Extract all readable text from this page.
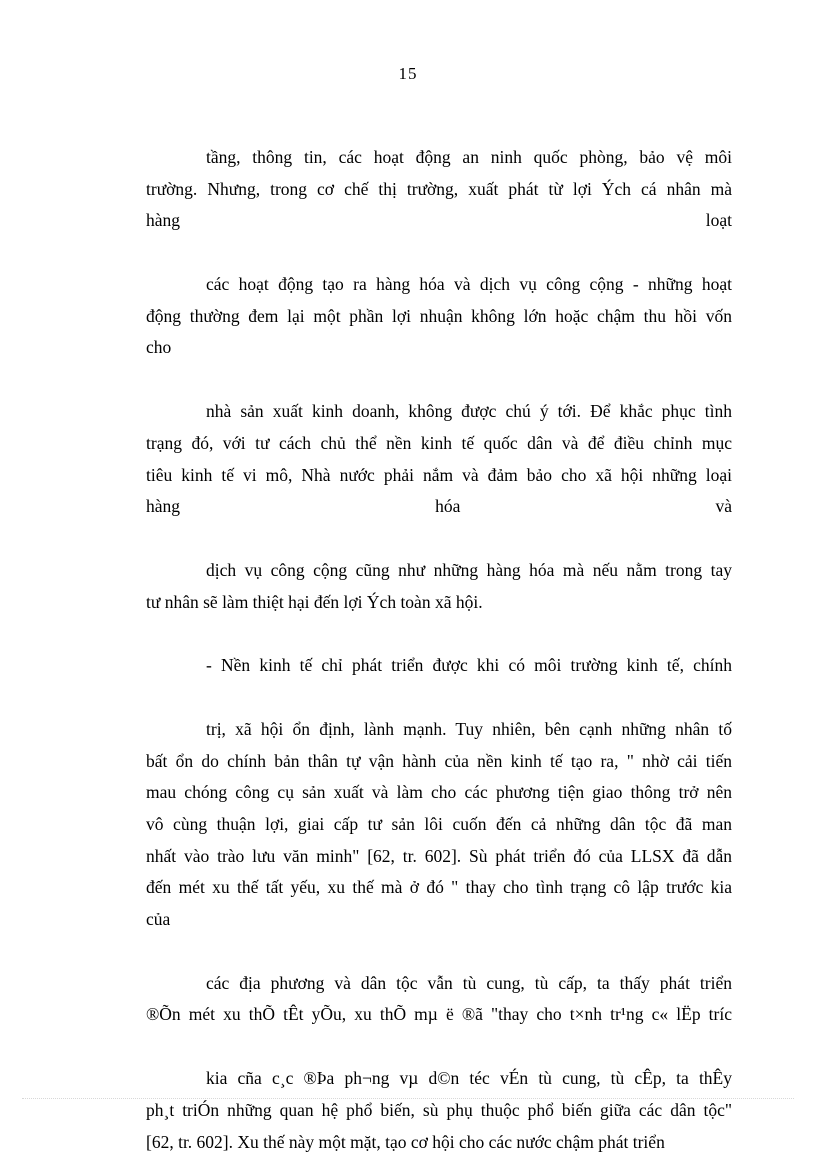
15
tầng, thông tin, các hoạt động an ninh quốc phòng, bảo vệ môi
trường. Nhưng, trong cơ chế thị trường, xuất phát từ lợi Ých cá nhân mà
hàng loạt
các hoạt động tạo ra hàng hóa và dịch vụ công cộng - những hoạt
động thường đem lại một phần lợi nhuận không lớn hoặc chậm thu hồi vốn
cho
nhà sản xuất kinh doanh, không được chú ý tới. Để khắc phục tình
trạng đó, với tư cách chủ thể nền kinh tế quốc dân và để điều chỉnh mục
tiêu kinh tế vi mô, Nhà nước phải nắm và đảm bảo cho xã hội những loại
hàng hóa và
dịch vụ công cộng cũng như những hàng hóa mà nếu nằm trong tay
tư nhân sẽ làm thiệt hại đến lợi Ých toàn xã hội.
- Nền kinh tế chỉ phát triển được khi có môi trường kinh tế, chính
trị, xã hội ổn định, lành mạnh. Tuy nhiên, bên cạnh những nhân tố
bất ổn do chính bản thân tự vận hành của nền kinh tế tạo ra, " nhờ cải tiến
mau chóng công cụ sản xuất và làm cho các phương tiện giao thông trở nên
vô cùng thuận lợi, giai cấp tư sản lôi cuốn đến cả những dân tộc đã man
nhất vào trào lưu văn minh" [62, tr. 602]. Sù phát triển đó của LLSX đã dẫn
đến mét xu thế tất yếu, xu thế mà ở đó " thay cho tình trạng cô lập trước kia
của
các địa phương và dân tộc vẫn tù cung, tù cấp, ta thấy phát triển
®Õn mét xu thÕ tÊt yÕu, xu thÕ mµ ë ®ã "thay cho t×nh tr¹ng c« lËp tríc
kia cña c¸c ®Þa ph¬ng vµ d©n téc vÉn tù cung, tù cÊp, ta thÊy
ph¸t triÓn những quan hệ phổ biến, sù phụ thuộc phổ biến giữa các dân tộc"
[62, tr. 602]. Xu thế này một mặt, tạo cơ hội cho các nước chậm phát triển
